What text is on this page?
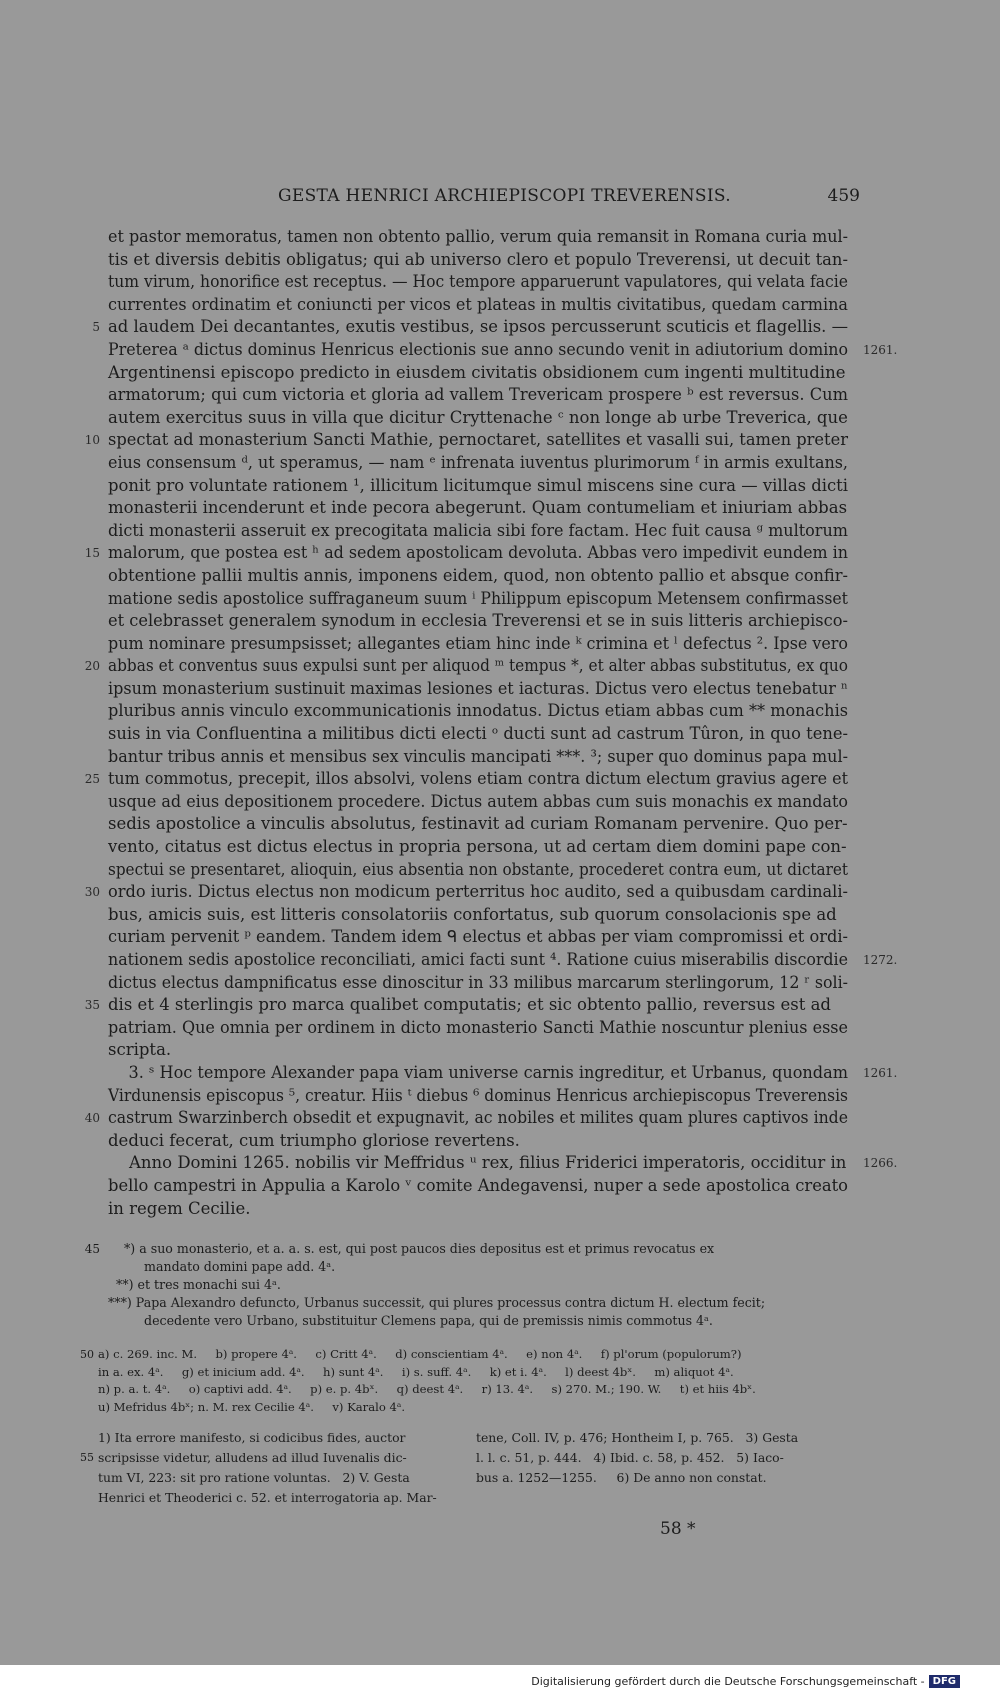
GESTA HENRICI ARCHIEPISCOPI TREVERENSIS.	459
et pastor memoratus, tamen non obtento pallio, verum quia remansit in Romana curia mul-
tis et diversis debitis obligatus; qui ab universo clero et populo Treverensi, ut decuit tan-
tum virum, honorifice est receptus. — Hoc tempore apparuerunt vapulatores, qui velata facie
currentes ordinatim et coniuncti per vicos et plateas in multis civitatibus, quedam carmina
5 ad laudem Dei decantantes, exutis vestibus, se ipsos percusserunt scuticis et flagellis. —
Preterea ᵃ dictus dominus Henricus electionis sue anno secundo venit in adiutorium domino 1261.
Argentinensi episcopo predicto in eiusdem civitatis obsidionem cum ingenti multitudine
armatorum; qui cum victoria et gloria ad vallem Trevericam prospere ᵇ est reversus. Cum
autem exercitus suus in villa que dicitur Cryttenache ᶜ non longe ab urbe Treverica, que
10 spectat ad monasterium Sancti Mathie, pernoctaret, satellites et vasalli sui, tamen preter
eius consensum ᵈ, ut speramus, — nam ᵉ infrenata iuventus plurimorum ᶠ in armis exultans,
ponit pro voluntate rationem ¹, illicitum licitumque simul miscens sine cura — villas dicti
monasterii incenderunt et inde pecora abegerunt. Quam contumeliam et iniuriam abbas
dicti monasterii asseruit ex precogitata malicia sibi fore factam. Hec fuit causa ᵍ multorum
15 malorum, que postea est ʰ ad sedem apostolicam devoluta. Abbas vero impedivit eundem in
obtentione pallii multis annis, imponens eidem, quod, non obtento pallio et absque confir-
matione sedis apostolice suffraganeum suum ⁱ Philippum episcopum Metensem confirmasset
et celebrasset generalem synodum in ecclesia Treverensi et se in suis litteris archiepisco-
pum nominare presumpsisset; allegantes etiam hinc inde ᵏ crimina et ˡ defectus ². Ipse vero
20 abbas et conventus suus expulsi sunt per aliquod ᵐ tempus *, et alter abbas substitutus, ex quo
ipsum monasterium sustinuit maximas lesiones et iacturas. Dictus vero electus tenebatur ⁿ
pluribus annis vinculo excommunicationis innodatus. Dictus etiam abbas cum ** monachis
suis in via Confluentina a militibus dicti electi ᵒ ducti sunt ad castrum Tûron, in quo tene-
bantur tribus annis et mensibus sex vinculis mancipati ***. ³; super quo dominus papa mul-
25 tum commotus, precepit, illos absolvi, volens etiam contra dictum electum gravius agere et
usque ad eius depositionem procedere. Dictus autem abbas cum suis monachis ex mandato
sedis apostolice a vinculis absolutus, festinavit ad curiam Romanam pervenire. Quo per-
vento, citatus est dictus electus in propria persona, ut ad certam diem domini pape con-
spectui se presentaret, alioquin, eius absentia non obstante, procederet contra eum, ut dictaret
30 ordo iuris. Dictus electus non modicum perterritus hoc audito, sed a quibusdam cardinali-
bus, amicis suis, est litteris consolatoriis confortatus, sub quorum consolacionis spe ad
curiam pervenit ᵖ eandem. Tandem idem ᑫ electus et abbas per viam compromissi et ordi-
nationem sedis apostolice reconciliati, amici facti sunt ⁴. Ratione cuius miserabilis discordie 1272.
dictus electus dampnificatus esse dinoscitur in 33 milibus marcarum sterlingorum, 12 ʳ soli-
35 dis et 4 sterlingis pro marca qualibet computatis; et sic obtento pallio, reversus est ad
patriam. Que omnia per ordinem in dicto monasterio Sancti Mathie noscuntur plenius esse
scripta.
3. ˢ Hoc tempore Alexander papa viam universe carnis ingreditur, et Urbanus, quondam 1261.
Virdunensis episcopus ⁵, creatur. Hiis ᵗ diebus ⁶ dominus Henricus archiepiscopus Treverensis
40 castrum Swarzinberch obsedit et expugnavit, ac nobiles et milites quam plures captivos inde
deduci fecerat, cum triumpho gloriose revertens.
Anno Domini 1265. nobilis vir Meffridus ᵘ rex, filius Friderici imperatoris, occiditur in 1266.
bello campestri in Appulia a Karolo ᵛ comite Andegavensi, nuper a sede apostolica creato
in regem Cecilie.
45 *) a suo monasterio, et a. a. s. est, qui post paucos dies depositus est et primus revocatus ex
mandato domini pape add. 4ᵃ.
**) et tres monachi sui 4ᵃ.
***) Papa Alexandro defuncto, Urbanus successit, qui plures processus contra dictum H. electum fecit;
decedente vero Urbano, substituitur Clemens papa, qui de premissis nimis commotus 4ᵃ.
50 a) c. 269. inc. M.     b) propere 4ᵃ.     c) Critt 4ᵃ.     d) conscientiam 4ᵃ.     e) non 4ᵃ.     f) pl'orum (populorum?)
in a. ex. 4ᵃ.     g) et inicium add. 4ᵃ.     h) sunt 4ᵃ.     i) s. suff. 4ᵃ.     k) et i. 4ᵃ.     l) deest 4bˣ.     m) aliquot 4ᵃ.
n) p. a. t. 4ᵃ.     o) captivi add. 4ᵃ.     p) e. p. 4bˣ.     q) deest 4ᵃ.     r) 13. 4ᵃ.     s) 270. M.; 190. W.     t) et hiis 4bˣ.
u) Mefridus 4bˣ; n. M. rex Cecilie 4ᵃ.     v) Karalo 4ᵃ.
1) Ita errore manifesto, si codicibus fides, auctor
55 scripsisse videtur, alludens ad illud Iuvenalis dic-
tum VI, 223: sit pro ratione voluntas.   2) V. Gesta
Henrici et Theoderici c. 52. et interrogatoria ap. Mar-
tene, Coll. IV, p. 476; Hontheim I, p. 765.   3) Gesta
l. l. c. 51, p. 444.   4) Ibid. c. 58, p. 452.   5) Iaco-
bus a. 1252—1255.     6) De anno non constat.
58 *
Digitalisierung gefördert durch die Deutsche Forschungsgemeinschaft - DFG
